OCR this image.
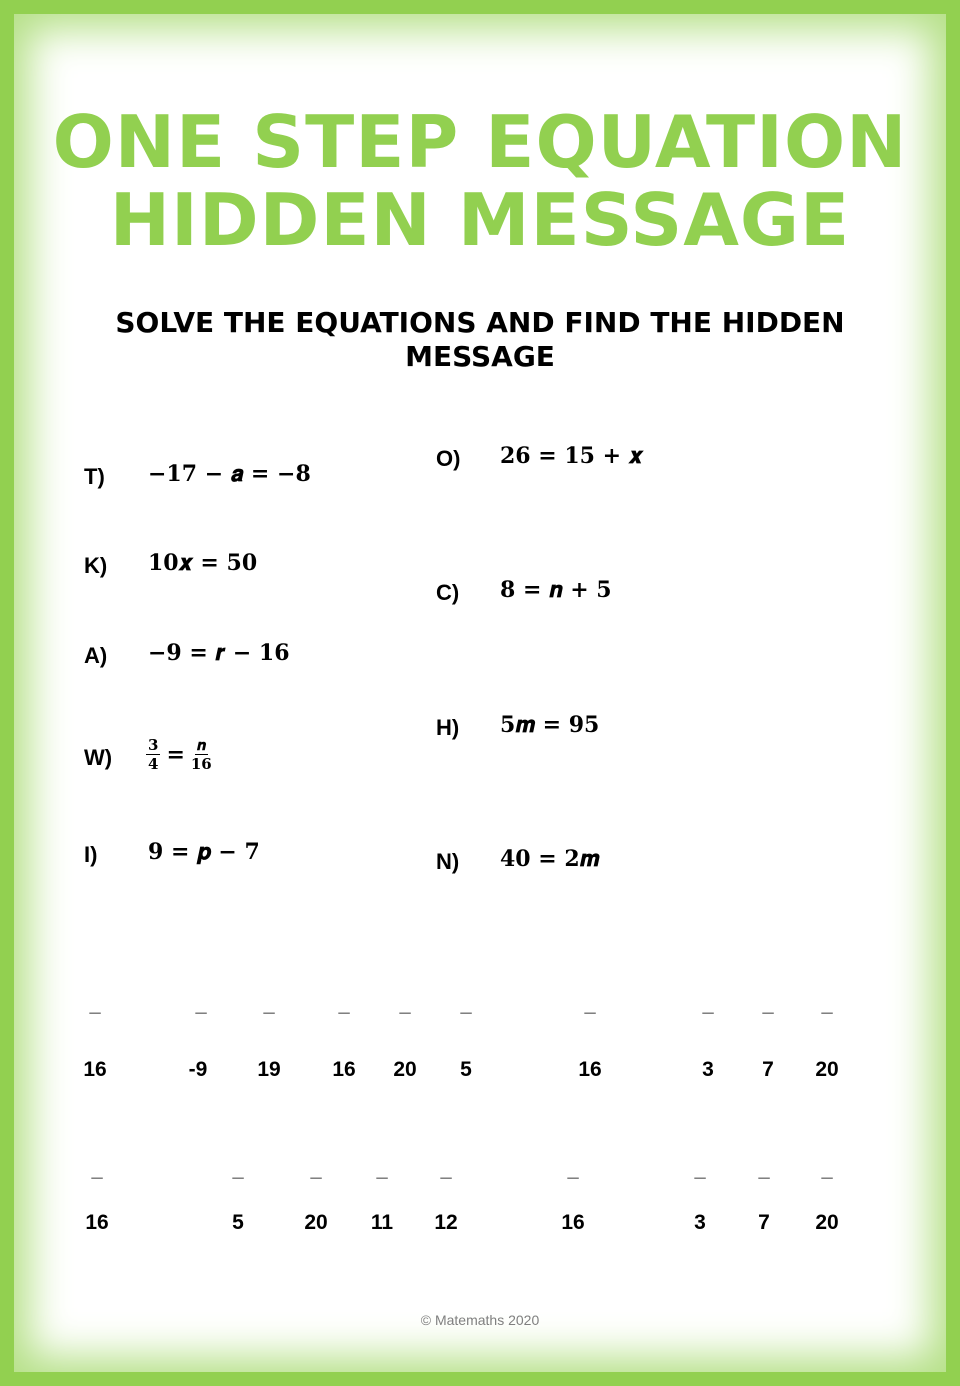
ONE STEP EQUATION
HIDDEN MESSAGE
SOLVE THE EQUATIONS AND FIND THE HIDDEN MESSAGE
T) −17 − 𝒂 = −8
K) 10𝒙 = 50
A) −9 = 𝒓 − 16
$W) \frac{3}{4}$ = 𝒏
16
I) 9 = 𝒑 − 7
O) 26 = 15 + 𝒙
C) 8 = 𝒏 + 5
H) 5𝒎 = 95
N) 40 = 2𝒎
_	_	_	_	_	_	_	_	_	_
16	-9	19	16	20	5	16	3	7	20
_	_	_	_	_	_	_	_	_
16	5	20	11	12	16	3	7	20
© Matemaths 2020
